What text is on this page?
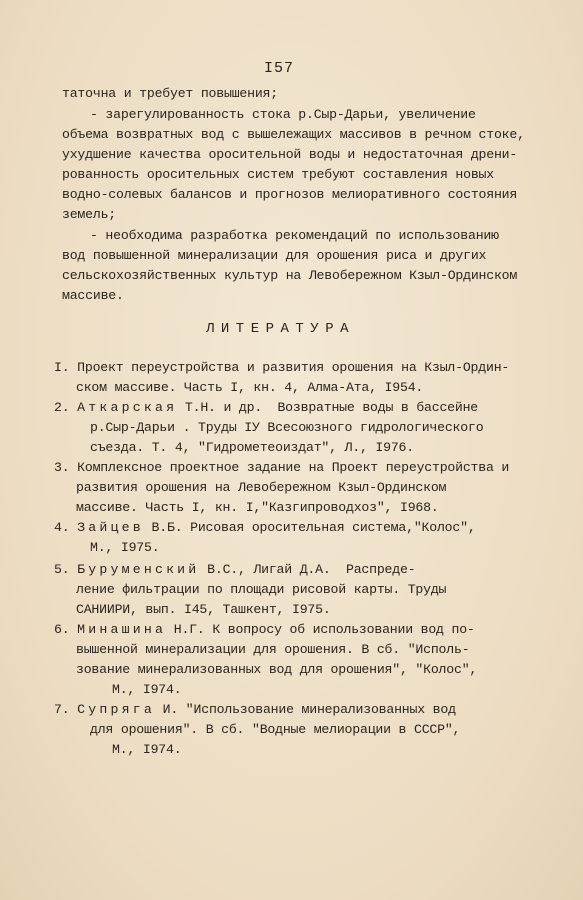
I57
таточна и требует повышения;
- зарегулированность стока р.Сыр-Дарьи, увеличение
объема возвратных вод с вышележащих массивов в речном стоке,
ухудшение качества оросительной воды и недостаточная дрени-
рованность оросительных систем требуют составления новых
водно-солевых балансов и прогнозов мелиоративного состояния
земель;
- необходима разработка рекомендаций по использованию
вод повышенной минерализации для орошения риса и других
сельскохозяйственных культур на Левобережном Кзыл-Ординском
массиве.
ЛИТЕРАТУРА
I. Проект переустройства и развития орошения на Кзыл-Ордин-
ском массиве. Часть I, кн. 4, Алма-Ата, I954.
2. Аткарская Т.Н. и др.  Возвратные воды в бассейне
р.Сыр-Дарьи . Труды IУ Всесоюзного гидрологического
съезда. Т. 4, "Гидрометеоиздат", Л., I976.
3. Комплексное проектное задание на Проект переустройства и
развития орошения на Левобережном Кзыл-Ординском
массиве. Часть I, кн. I,"Казгипроводхоз", I968.
4. Зайцев В.Б. Рисовая оросительная система,"Колос",
М., I975.
5. Буруменский В.С., Лигай Д.А.  Распреде-
ление фильтрации по площади рисовой карты. Труды
САНИИРИ, вып. I45, Ташкент, I975.
6. Минашина Н.Г. К вопросу об использовании вод по-
вышенной минерализации для орошения. В сб. "Исполь-
зование минерализованных вод для орошения", "Колос",
М., I974.
7. Супряга И. "Использование минерализованных вод
для орошения". В сб. "Водные мелиорации в СССР",
М., I974.
